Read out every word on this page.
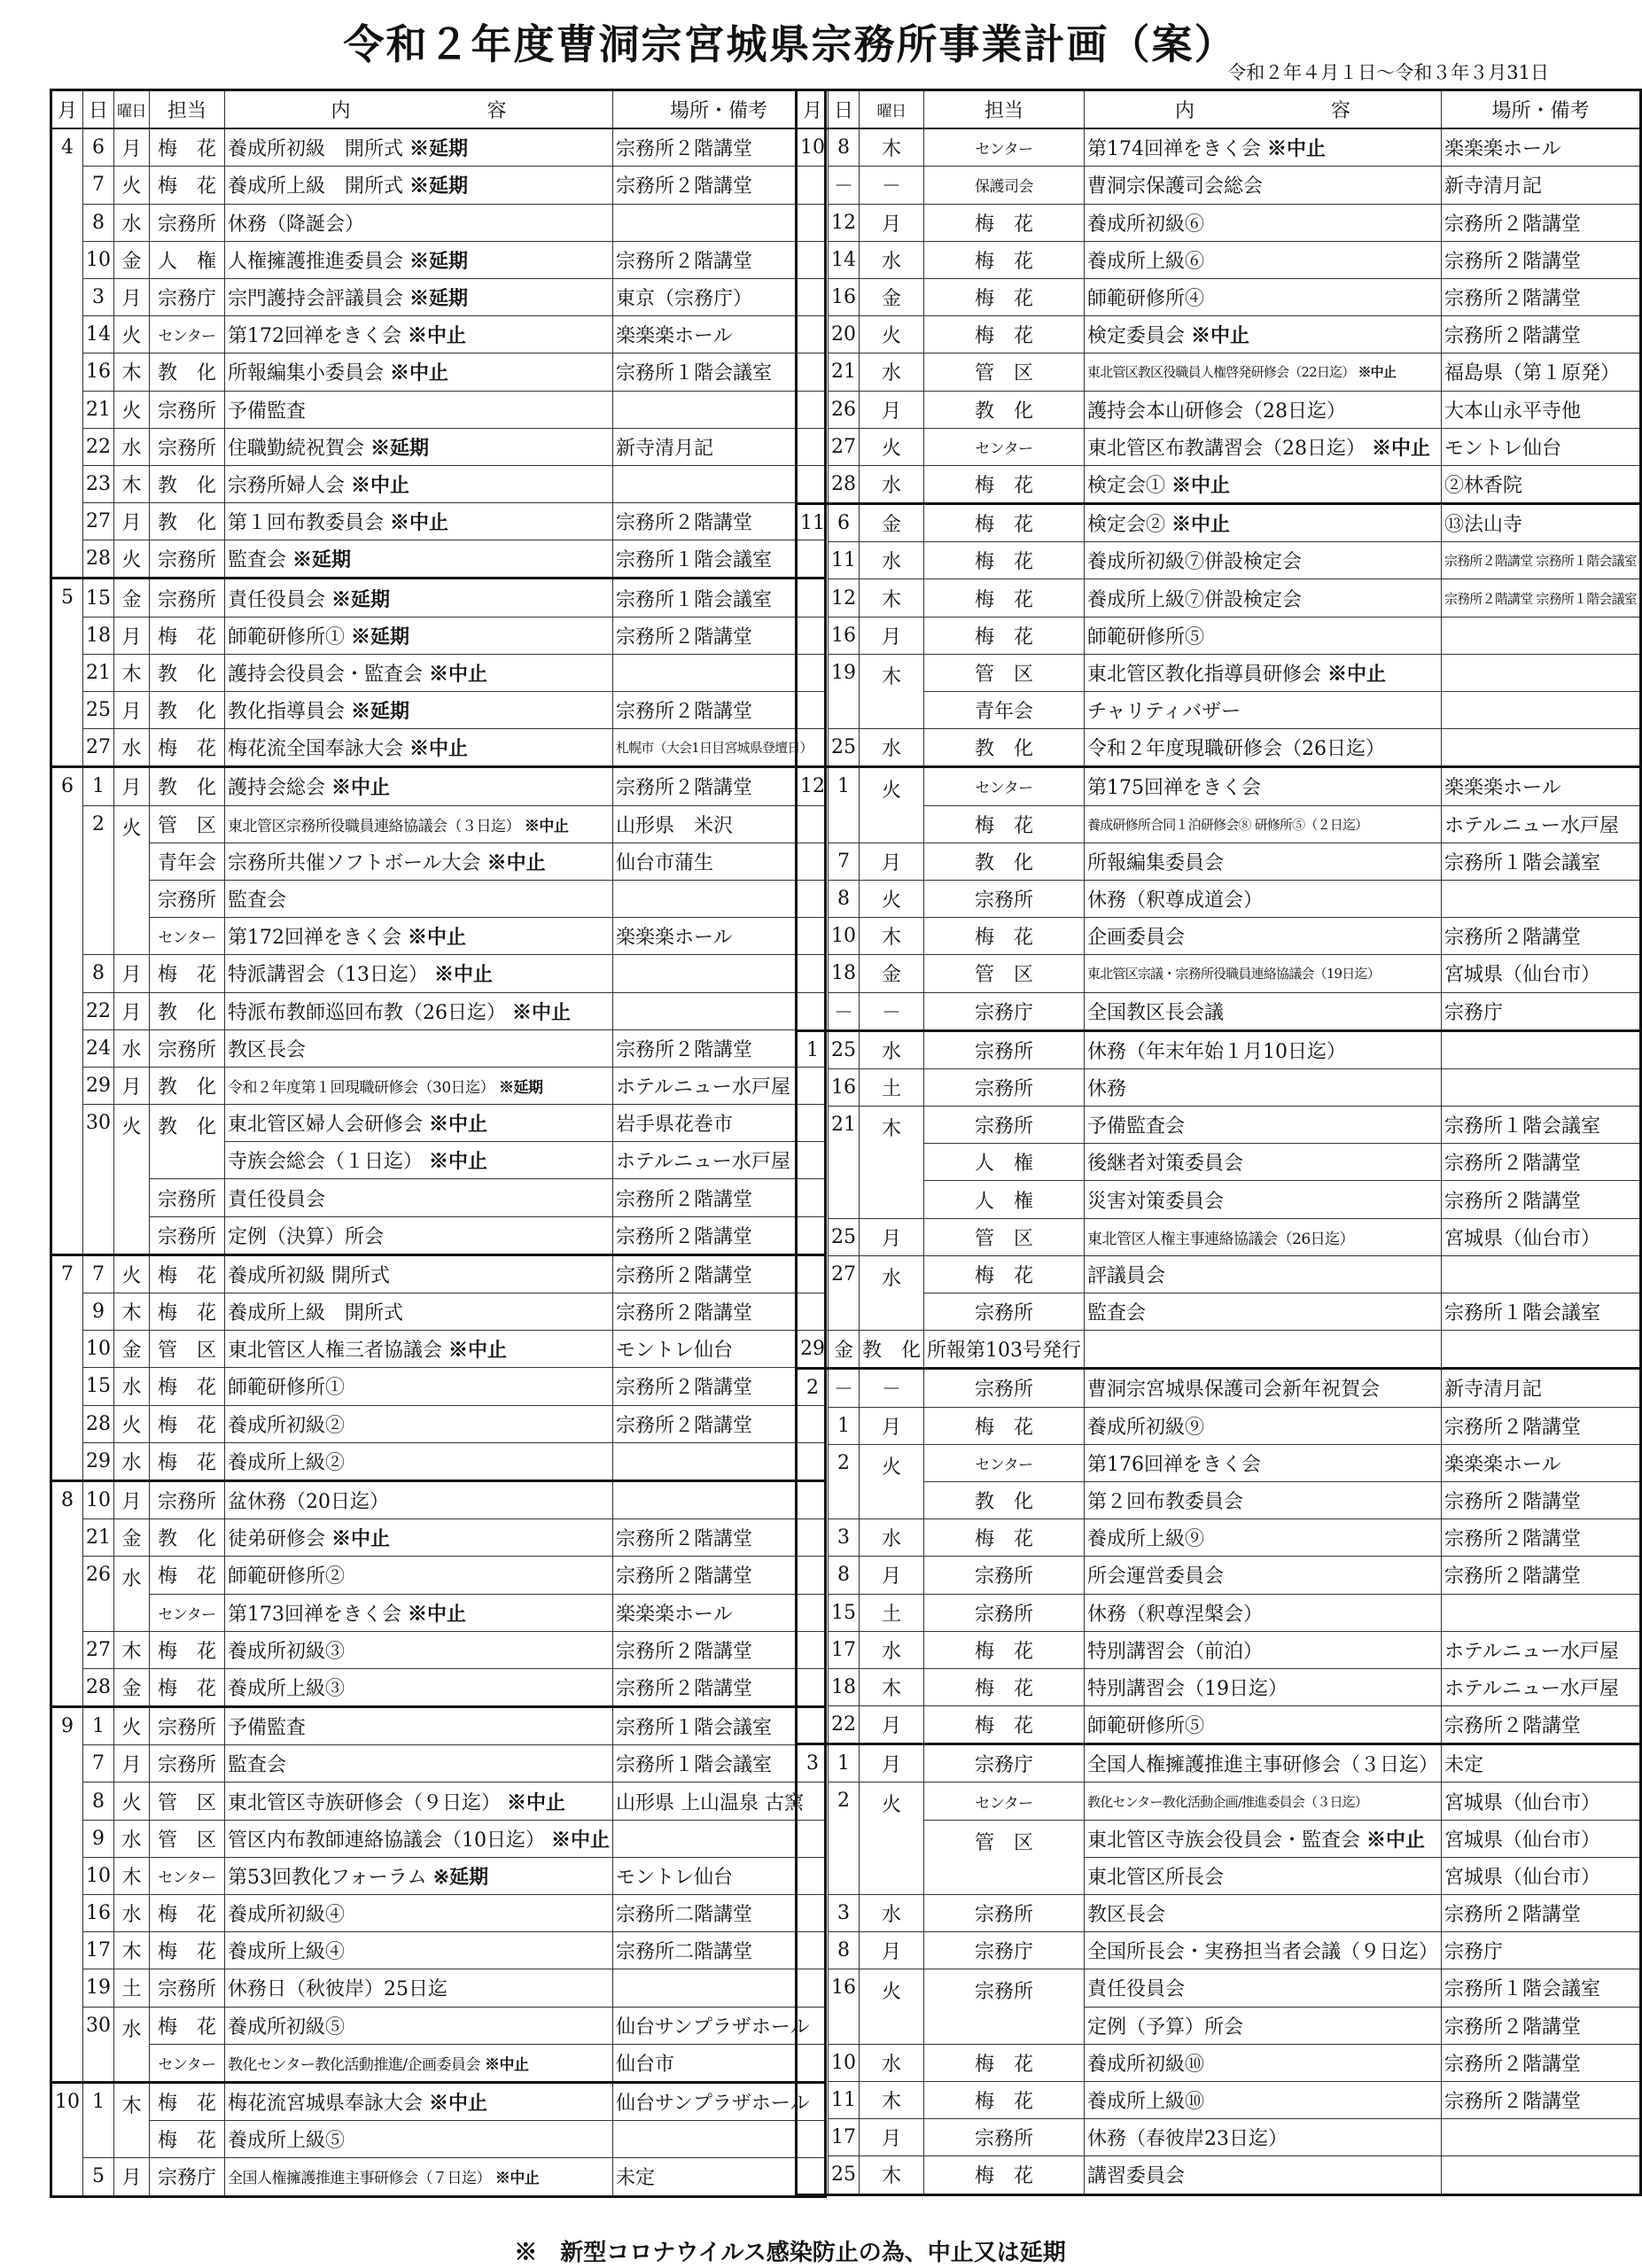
令和２年度曹洞宗宮城県宗務所事業計画（案）
令和２年４月１日～令和３年３月31日
月	日	曜日	担当	内　　　　　　　容	場所・備考
4	6	月	梅　花	養成所初級　開所式 ※延期	宗務所２階講堂
	7	火	梅　花	養成所上級　開所式 ※延期	宗務所２階講堂
	8	水	宗務所	休務（降誕会）	
	10	金	人　権	人権擁護推進委員会 ※延期	宗務所２階講堂
	3	月	宗務庁	宗門護持会評議員会 ※延期	東京（宗務庁）
	14	火	センター	第172回禅をきく会 ※中止	楽楽楽ホール
	16	木	教　化	所報編集小委員会 ※中止	宗務所１階会議室
	21	火	宗務所	予備監査	
	22	水	宗務所	住職勤続祝賀会 ※延期	新寺清月記
	23	木	教　化	宗務所婦人会 ※中止	
	27	月	教　化	第１回布教委員会 ※中止	宗務所２階講堂
	28	火	宗務所	監査会 ※延期	宗務所１階会議室
5	15	金	宗務所	責任役員会 ※延期	宗務所１階会議室
	18	月	梅　花	師範研修所① ※延期	宗務所２階講堂
	21	木	教　化	護持会役員会・監査会 ※中止	
	25	月	教　化	教化指導員会 ※延期	宗務所２階講堂
	27	水	梅　花	梅花流全国奉詠大会 ※中止	札幌市（大会1日目宮城県登壇日）
6	1	月	教　化	護持会総会 ※中止	宗務所２階講堂
	2	火	管　区	東北管区宗務所役職員連絡協議会（３日迄） ※中止	山形県　米沢
			青年会	宗務所共催ソフトボール大会 ※中止	仙台市蒲生
			宗務所	監査会	
			センター	第172回禅をきく会 ※中止	楽楽楽ホール
	8	月	梅　花	特派講習会（13日迄） ※中止	
	22	月	教　化	特派布教師巡回布教（26日迄） ※中止	
	24	水	宗務所	教区長会	宗務所２階講堂
	29	月	教　化	令和２年度第１回現職研修会（30日迄） ※延期	ホテルニュー水戸屋
	30	火	教　化	東北管区婦人会研修会 ※中止	岩手県花巻市
				寺族会総会（１日迄） ※中止	ホテルニュー水戸屋
			宗務所	責任役員会	宗務所２階講堂
			宗務所	定例（決算）所会	宗務所２階講堂
7	7	火	梅　花	養成所初級 開所式	宗務所２階講堂
	9	木	梅　花	養成所上級　開所式	宗務所２階講堂
	10	金	管　区	東北管区人権三者協議会 ※中止	モントレ仙台
	15	水	梅　花	師範研修所①	宗務所２階講堂
	28	火	梅　花	養成所初級②	宗務所２階講堂
	29	水	梅　花	養成所上級②	
8	10	月	宗務所	盆休務（20日迄）	
	21	金	教　化	徒弟研修会 ※中止	宗務所２階講堂
	26	水	梅　花	師範研修所②	宗務所２階講堂
			センター	第173回禅をきく会 ※中止	楽楽楽ホール
	27	木	梅　花	養成所初級③	宗務所２階講堂
	28	金	梅　花	養成所上級③	宗務所２階講堂
9	1	火	宗務所	予備監査	宗務所１階会議室
	7	月	宗務所	監査会	宗務所１階会議室
	8	火	管　区	東北管区寺族研修会（９日迄） ※中止	山形県 上山温泉 古窯
	9	水	管　区	管区内布教師連絡協議会（10日迄） ※中止	
	10	木	センター	第53回教化フォーラム ※延期	モントレ仙台
	16	水	梅　花	養成所初級④	宗務所二階講堂
	17	木	梅　花	養成所上級④	宗務所二階講堂
	19	土	宗務所	休務日（秋彼岸）25日迄	
	30	水	梅　花	養成所初級⑤	仙台サンプラザホール
			センター	教化センター教化活動推進/企画委員会 ※中止	仙台市
10	1	木	梅　花	梅花流宮城県奉詠大会 ※中止	仙台サンプラザホール
			梅　花	養成所上級⑤	
	5	月	宗務庁	全国人権擁護推進主事研修会（７日迄） ※中止	未定
月	日	曜日	担当	内　　　　　　　容	場所・備考
10	8	木	センター	第174回禅をきく会 ※中止	楽楽楽ホール
	－	－	保護司会	曹洞宗保護司会総会	新寺清月記
	12	月	梅　花	養成所初級⑥	宗務所２階講堂
	14	水	梅　花	養成所上級⑥	宗務所２階講堂
	16	金	梅　花	師範研修所④	宗務所２階講堂
	20	火	梅　花	検定委員会 ※中止	宗務所２階講堂
	21	水	管　区	東北管区教区役職員人権啓発研修会（22日迄） ※中止	福島県（第１原発）
	26	月	教　化	護持会本山研修会（28日迄）	大本山永平寺他
	27	火	センター	東北管区布教講習会（28日迄） ※中止	モントレ仙台
	28	水	梅　花	検定会① ※中止	②林香院
11	6	金	梅　花	検定会② ※中止	⑬法山寺
	11	水	梅　花	養成所初級⑦併設検定会	宗務所２階講堂 宗務所１階会議室
	12	木	梅　花	養成所上級⑦併設検定会	宗務所２階講堂 宗務所１階会議室
	16	月	梅　花	師範研修所⑤	
	19	木	管　区	東北管区教化指導員研修会 ※中止	
			青年会	チャリティバザー	
	25	水	教　化	令和２年度現職研修会（26日迄）	
12	1	火	センター	第175回禅をきく会	楽楽楽ホール
			梅　花	養成研修所合同１泊研修会⑧ 研修所⑤（２日迄）	ホテルニュー水戸屋
	7	月	教　化	所報編集委員会	宗務所１階会議室
	8	火	宗務所	休務（釈尊成道会）	
	10	木	梅　花	企画委員会	宗務所２階講堂
	18	金	管　区	東北管区宗議・宗務所役職員連絡協議会（19日迄）	宮城県（仙台市）
	－	－	宗務庁	全国教区長会議	宗務庁
1	25	水	宗務所	休務（年末年始１月10日迄）	
	16	土	宗務所	休務	
	21	木	宗務所	予備監査会	宗務所１階会議室
			人　権	後継者対策委員会	宗務所２階講堂
			人　権	災害対策委員会	宗務所２階講堂
	25	月	管　区	東北管区人権主事連絡協議会（26日迄）	宮城県（仙台市）
	27	水	梅　花	評議員会	
			宗務所	監査会	宗務所１階会議室
29	金	教　化	所報第103号発行		
2	－	－	宗務所	曹洞宗宮城県保護司会新年祝賀会	新寺清月記
	1	月	梅　花	養成所初級⑨	宗務所２階講堂
	2	火	センター	第176回禅をきく会	楽楽楽ホール
			教　化	第２回布教委員会	宗務所２階講堂
	3	水	梅　花	養成所上級⑨	宗務所２階講堂
	8	月	宗務所	所会運営委員会	宗務所２階講堂
	15	土	宗務所	休務（釈尊涅槃会）	
	17	水	梅　花	特別講習会（前泊）	ホテルニュー水戸屋
	18	木	梅　花	特別講習会（19日迄）	ホテルニュー水戸屋
	22	月	梅　花	師範研修所⑤	宗務所２階講堂
3	1	月	宗務庁	全国人権擁護推進主事研修会（３日迄）	未定
	2	火	センター	教化センター教化活動企画/推進委員会（３日迄）	宮城県（仙台市）
			管　区	東北管区寺族会役員会・監査会 ※中止	宮城県（仙台市）
				東北管区所長会	宮城県（仙台市）
	3	水	宗務所	教区長会	宗務所２階講堂
	8	月	宗務庁	全国所長会・実務担当者会議（９日迄）	宗務庁
	16	火	宗務所	責任役員会	宗務所１階会議室
				定例（予算）所会	宗務所２階講堂
	10	水	梅　花	養成所初級⑩	宗務所２階講堂
	11	木	梅　花	養成所上級⑩	宗務所２階講堂
	17	月	宗務所	休務（春彼岸23日迄）	
	25	木	梅　花	講習委員会	
※　新型コロナウイルス感染防止の為、中止又は延期
